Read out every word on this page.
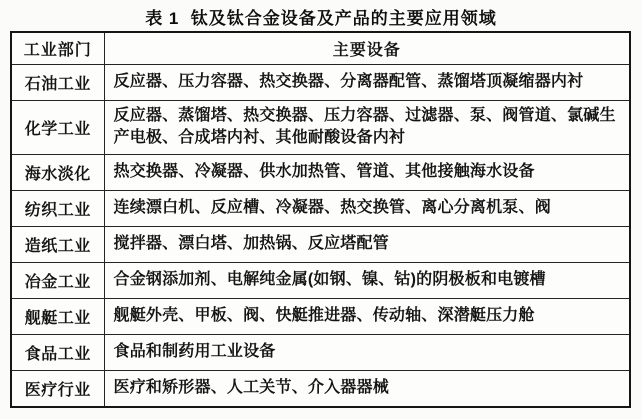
表 1  钛及钛合金设备及产品的主要应用领域
工业部门	主要设备
石油工业	反应器、压力容器、热交换器、分离器配管、蒸馏塔顶凝缩器内衬
化学工业	反应器、蒸馏塔、热交换器、压力容器、过滤器、泵、阀管道、氯碱生产电极、合成塔内衬、其他耐酸设备内衬
海水淡化	热交换器、冷凝器、供水加热管、管道、其他接触海水设备
纺织工业	连续漂白机、反应槽、冷凝器、热交换管、离心分离机泵、阀
造纸工业	搅拌器、漂白塔、加热锅、反应塔配管
冶金工业	合金钢添加剂、电解纯金属(如钢、镍、钴)的阴极板和电镀槽
舰艇工业	舰艇外壳、甲板、阀、快艇推进器、传动轴、深潜艇压力舱
食品工业	食品和制药用工业设备
医疗行业	医疗和矫形器、人工关节、介入器器械
